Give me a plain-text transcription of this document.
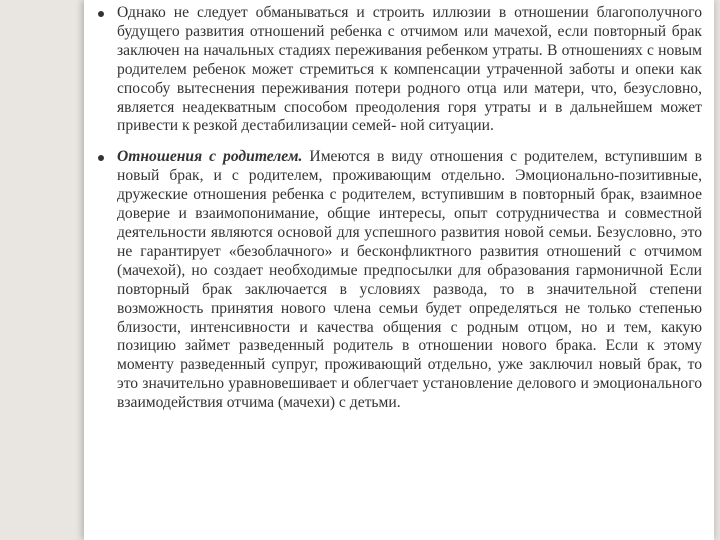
Однако не следует обманываться и строить иллюзии в отношении благополучного будущего развития отношений ребенка с отчимом или мачехой, если повторный брак заключен на начальных стадиях переживания ребенком утраты. В отношениях с новым родителем ребенок может стремиться к компенсации утраченной заботы и опеки как способу вытеснения переживания потери родного отца или матери, что, безусловно, является неадекватным способом преодоления горя утраты и в дальнейшем может привести к резкой дестабилизации семей- ной ситуации.

Отношения с родителем. Имеются в виду отношения с родителем, вступившим в новый брак, и с родителем, проживающим отдельно. Эмоционально-позитивные, дружеские отношения ребенка с родителем, вступившим в повторный брак, взаимное доверие и взаимопонимание, общие интересы, опыт сотрудничества и совместной деятельности являются основой для успешного развития новой семьи. Безусловно, это не гарантирует «безоблачного» и бесконфликтного развития отношений с отчимом (мачехой), но создает необходимые предпосылки для образования гармоничной Если повторный брак заключается в условиях развода, то в значительной степени возможность принятия нового члена семьи будет определяться не только степенью близости, интенсивности и качества общения с родным отцом, но и тем, какую позицию займет разведенный родитель в отношении нового брака. Если к этому моменту разведенный супруг, проживающий отдельно, уже заключил новый брак, то это значительно уравновешивает и облегчает установление делового и эмоционального взаимодействия отчима (мачехи) с детьми.
